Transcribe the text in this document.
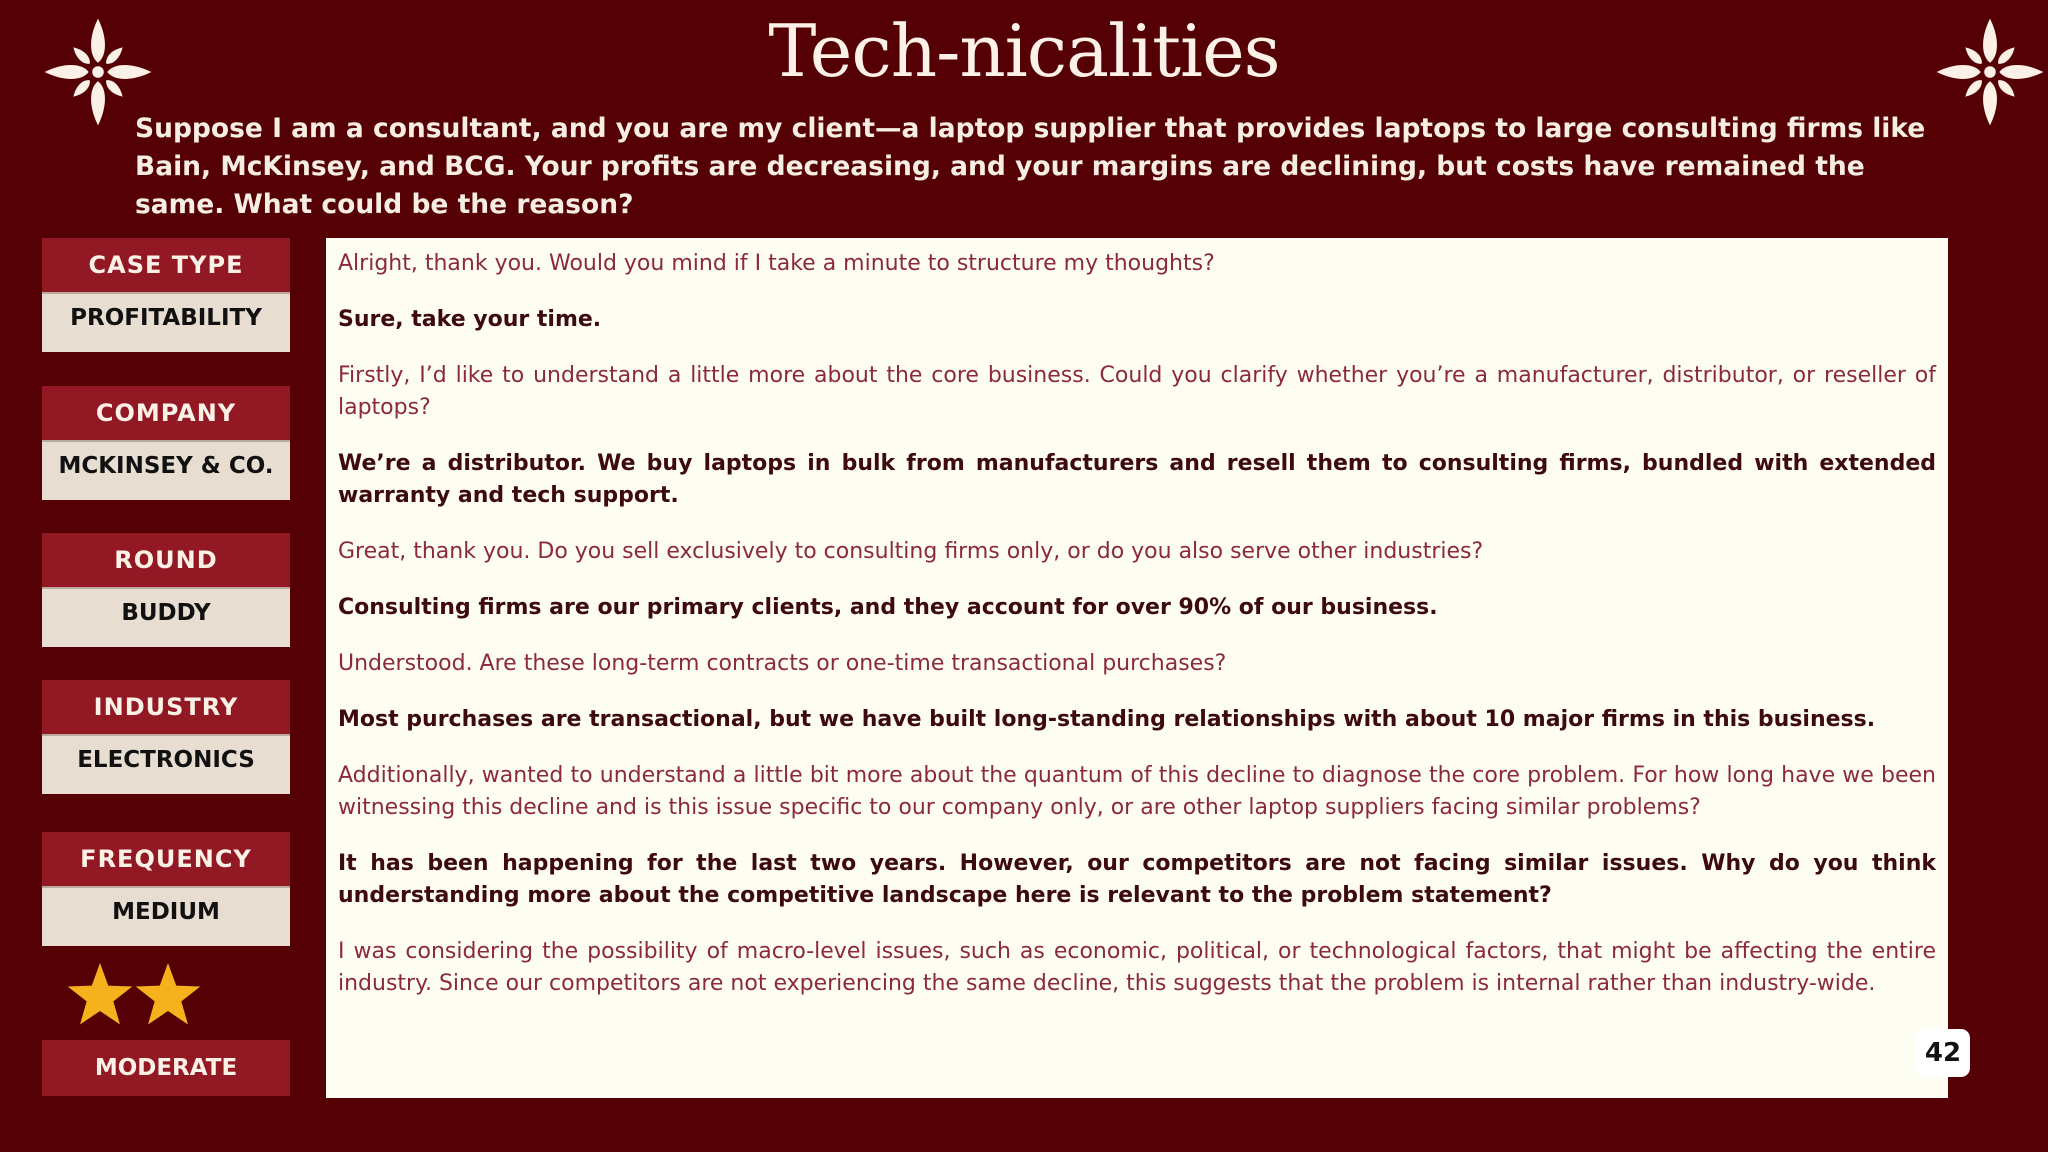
Tech-nicalities
Suppose I am a consultant, and you are my client—a laptop supplier that provides laptops to large consulting firms like Bain, McKinsey, and BCG. Your profits are decreasing, and your margins are declining, but costs have remained the same. What could be the reason?
CASE TYPE
PROFITABILITY
COMPANY
MCKINSEY & CO.
ROUND
BUDDY
INDUSTRY
ELECTRONICS
FREQUENCY
MEDIUM
MODERATE

Alright, thank you. Would you mind if I take a minute to structure my thoughts?

Sure, take your time.

Firstly, I’d like to understand a little more about the core business. Could you clarify whether you’re a manufacturer, distributor, or reseller of laptops?

We’re a distributor. We buy laptops in bulk from manufacturers and resell them to consulting firms, bundled with extended warranty and tech support.

Great, thank you. Do you sell exclusively to consulting firms only, or do you also serve other industries?

Consulting firms are our primary clients, and they account for over 90% of our business.

Understood. Are these long-term contracts or one-time transactional purchases?

Most purchases are transactional, but we have built long-standing relationships with about 10 major firms in this business.

Additionally, wanted to understand a little bit more about the quantum of this decline to diagnose the core problem. For how long have we been witnessing this decline and is this issue specific to our company only, or are other laptop suppliers facing similar problems?

It has been happening for the last two years. However, our competitors are not facing similar issues. Why do you think understanding more about the competitive landscape here is relevant to the problem statement?

I was considering the possibility of macro-level issues, such as economic, political, or technological factors, that might be affecting the entire industry. Since our competitors are not experiencing the same decline, this suggests that the problem is internal rather than industry-wide.

42
